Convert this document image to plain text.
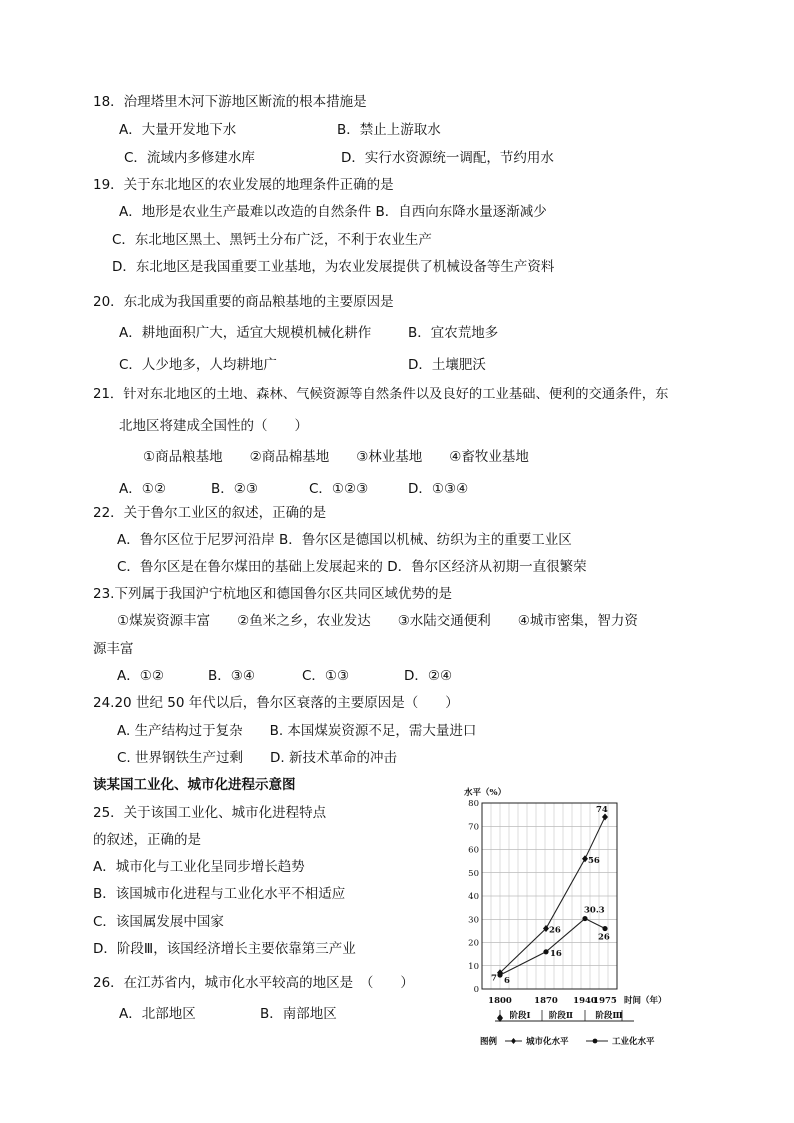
18．治理塔里木河下游地区断流的根本措施是
A．大量开发地下水	B．禁止上游取水
C．流域内多修建水库	D．实行水资源统一调配，节约用水
19．关于东北地区的农业发展的地理条件正确的是
A．地形是农业生产最难以改造的自然条件 B．自西向东降水量逐渐减少
C．东北地区黑土、黑钙土分布广泛，不利于农业生产
D．东北地区是我国重要工业基地，为农业发展提供了机械设备等生产资料
20．东北成为我国重要的商品粮基地的主要原因是
A．耕地面积广大，适宜大规模机械化耕作	B．宜农荒地多
C．人少地多，人均耕地广	D．土壤肥沃
21．针对东北地区的土地、森林、气候资源等自然条件以及良好的工业基础、便利的交通条件，东
北地区将建成全国性的（　　）
①商品粮基地　　②商品棉基地　　③林业基地　　④畜牧业基地
A．①②	B．②③	C．①②③	D．①③④
22．关于鲁尔工业区的叙述，正确的是
A．鲁尔区位于尼罗河沿岸 B．鲁尔区是德国以机械、纺织为主的重要工业区
C．鲁尔区是在鲁尔煤田的基础上发展起来的 D．鲁尔区经济从初期一直很繁荣
23.下列属于我国沪宁杭地区和德国鲁尔区共同区域优势的是
①煤炭资源丰富　　②鱼米之乡，农业发达　　③水陆交通便利　　④城市密集，智力资
源丰富
A．①②	B．③④	C．①③	D．②④
24.20 世纪 50 年代以后，鲁尔区衰落的主要原因是（　　）
A. 生产结构过于复杂　　B. 本国煤炭资源不足，需大量进口
C. 世界钢铁生产过剩　　D. 新技术革命的冲击
读某国工业化、城市化进程示意图
25．关于该国工业化、城市化进程特点
的叙述，正确的是
A．城市化与工业化呈同步增长趋势
B．该国城市化进程与工业化水平不相适应
C．该国属发展中国家
D．阶段Ⅲ，该国经济增长主要依靠第三产业
26．在江苏省内，城市化水平较高的地区是　（　　）
A．北部地区	B．南部地区
水平（%）
0
10
20
30
40
50
60
70
80
1800	1870 1940
1975 时间（年）
阶段Ⅰ 阶段Ⅱ	阶段Ⅲ
7
26
56
74
6
16
30.3
26
图例	城市化水平	工业化水平
